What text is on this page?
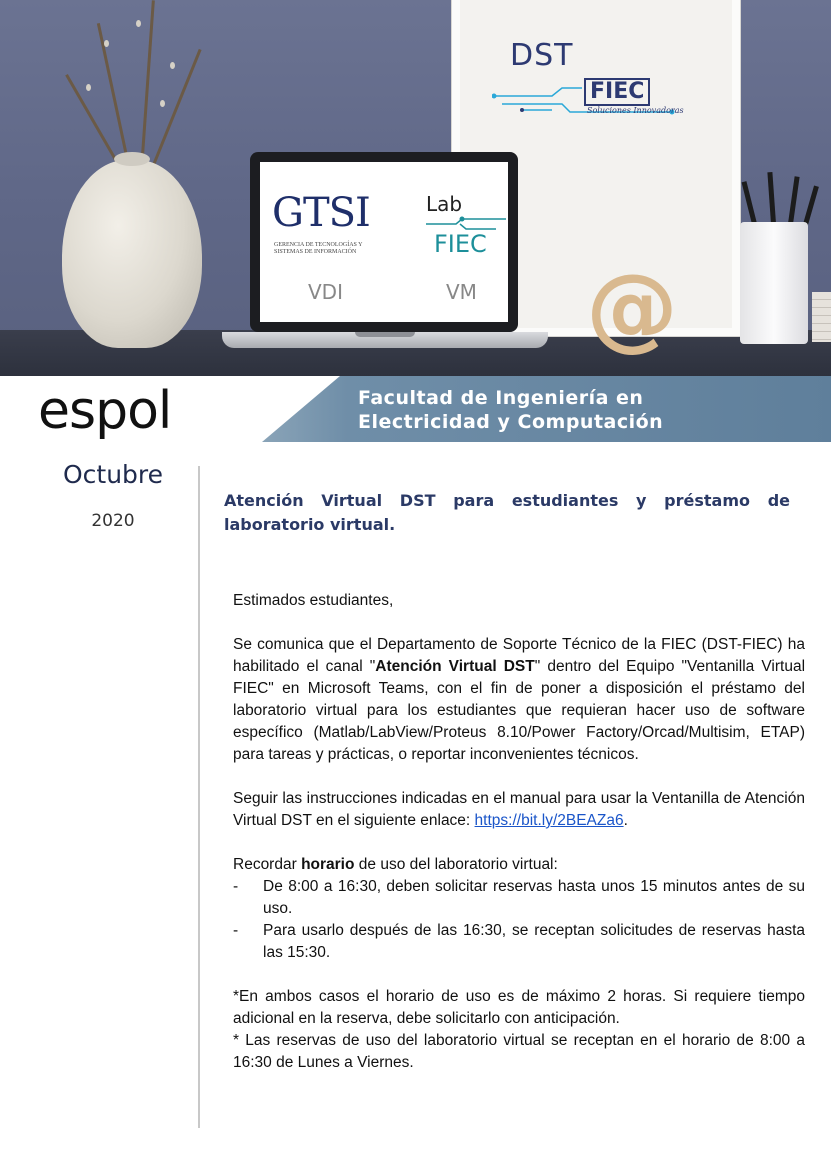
DST
FIEC
Soluciones Innovadoras
GTSI
GERENCIA DE TECNOLOGÍAS Y SISTEMAS DE INFORMACIÓN
Lab
FIEC
VDI	VM @
espol	Facultad de Ingeniería en
Electricidad y Computación
Octubre
2020
Atención Virtual DST para estudiantes y préstamo de laboratorio virtual.

Estimados estudiantes,

Se comunica que el Departamento de Soporte Técnico de la FIEC (DST-FIEC) ha habilitado el canal "Atención Virtual DST" dentro del Equipo "Ventanilla Virtual FIEC" en Microsoft Teams, con el fin de poner a disposición el préstamo del laboratorio virtual para los estudiantes que requieran hacer uso de software específico (Matlab/LabView/Proteus 8.10/Power Factory/Orcad/Multisim, ETAP) para tareas y prácticas, o reportar inconvenientes técnicos.

Seguir las instrucciones indicadas en el manual para usar la Ventanilla de Atención Virtual DST en el siguiente enlace: https://bit.ly/2BEAZa6.

Recordar horario de uso del laboratorio virtual:

- De 8:00 a 16:30, deben solicitar reservas hasta unos 15 minutos antes de su uso.
- Para usarlo después de las 16:30, se receptan solicitudes de reservas hasta las 15:30.

*En ambos casos el horario de uso es de máximo 2 horas. Si requiere tiempo adicional en la reserva, debe solicitarlo con anticipación.

* Las reservas de uso del laboratorio virtual se receptan en el horario de 8:00 a 16:30 de Lunes a Viernes.
